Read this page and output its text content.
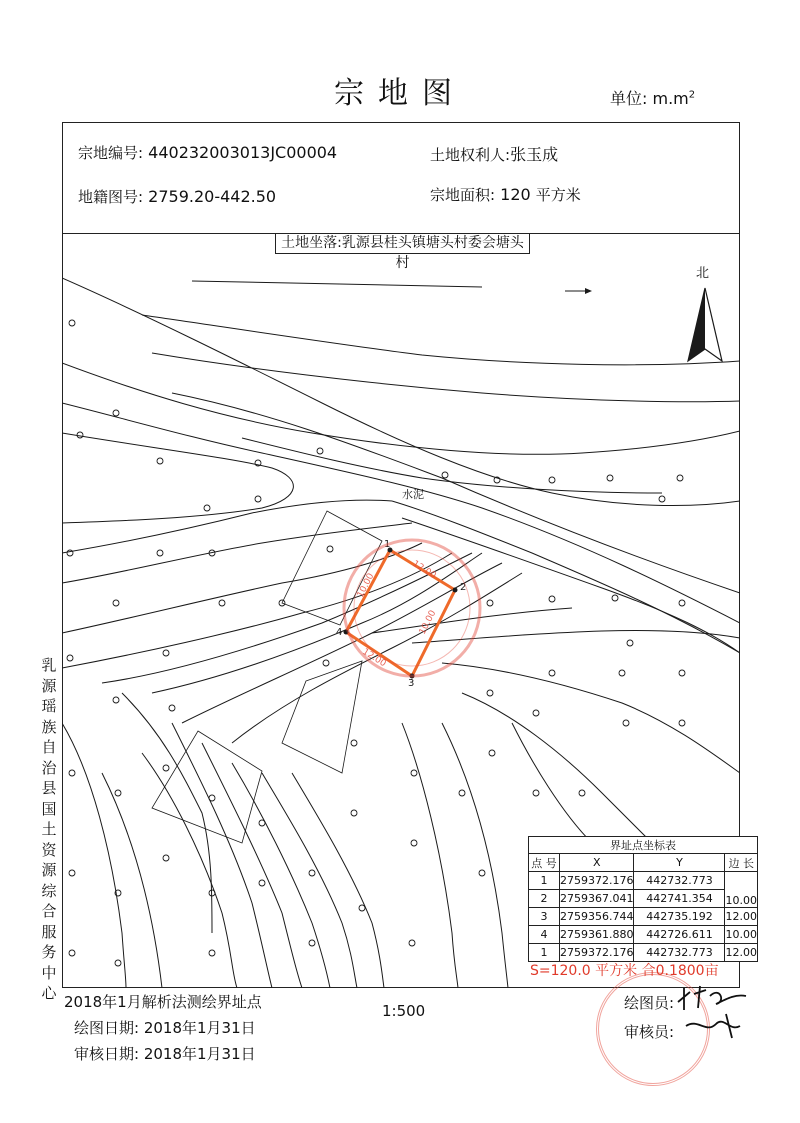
宗地图	单位: $m.m^2$
宗地编号: 440232003013JC00004	土地权利人:张玉成
地籍图号: 2759.20-442.50	宗地面积: 120 平方米
土地坐落:乳源县桂头镇塘头村委会塘头村
乳源瑶族自治县国土资源综合服务中心
1
2
3
4
12.00
10.00
12.00
10.00
水泥
北
界址点坐标表			
点 号	X	Y	边 长
1	2759372.176	442732.773	10.00
2	2759367.041	442741.354	
3	2759356.744	442735.192	12.00
4	2759361.880	442726.611	10.00
1	2759372.176	442732.773	12.00
S=120.0 平方米 合0.1800亩
2018年1月解析法测绘界址点	1:500
绘图日期: 2018年1月31日
审核日期: 2018年1月31日
绘图员:
审核员:
